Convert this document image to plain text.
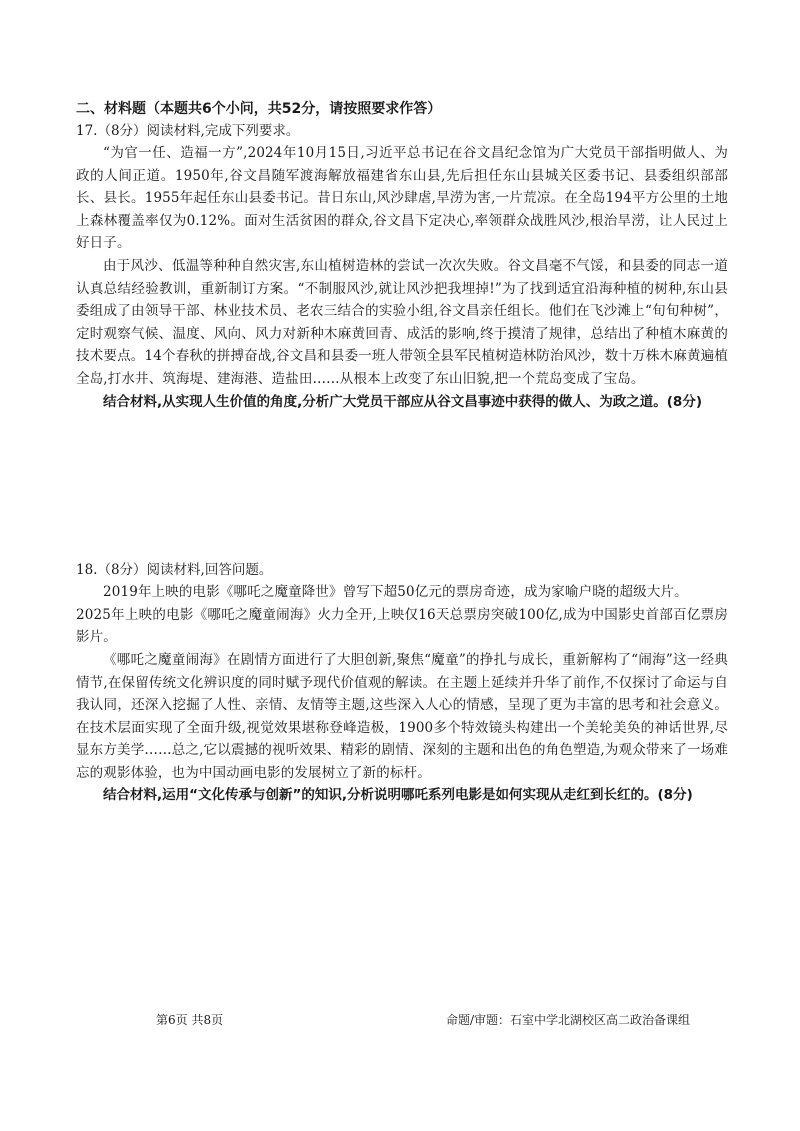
二、材料题（本题共6个小问，共52分，请按照要求作答）

17.（8分）阅读材料,完成下列要求。

“为官一任、造福一方”,2024年10月15日,习近平总书记在谷文昌纪念馆为广大党员干部指明做人、为政的人间正道。1950年,谷文昌随军渡海解放福建省东山县,先后担任东山县城关区委书记、县委组织部部长、县长。1955年起任东山县委书记。昔日东山,风沙肆虐,旱涝为害,一片荒凉。在全岛194平方公里的土地上森林覆盖率仅为0.12%。面对生活贫困的群众,谷文昌下定决心,率领群众战胜风沙,根治旱涝，让人民过上好日子。

由于风沙、低温等种种自然灾害,东山植树造林的尝试一次次失败。谷文昌毫不气馁，和县委的同志一道认真总结经验教训，重新制订方案。“不制服风沙,就让风沙把我埋掉!”为了找到适宜沿海种植的树种,东山县委组成了由领导干部、林业技术员、老农三结合的实验小组,谷文昌亲任组长。他们在飞沙滩上“旬旬种树”，定时观察气候、温度、风向、风力对新种木麻黄回青、成活的影响,终于摸清了规律，总结出了种植木麻黄的技术要点。14个春秋的拼搏奋战,谷文昌和县委一班人带领全县军民植树造林防治风沙，数十万株木麻黄遍植全岛,打水井、筑海堤、建海港、造盐田……从根本上改变了东山旧貌,把一个荒岛变成了宝岛。

结合材料,从实现人生价值的角度,分析广大党员干部应从谷文昌事迹中获得的做人、为政之道。(8分)

18.（8分）阅读材料,回答问题。

2019年上映的电影《哪吒之魔童降世》曾写下超50亿元的票房奇迹，成为家喻户晓的超级大片。

2025年上映的电影《哪吒之魔童闹海》火力全开,上映仅16天总票房突破100亿,成为中国影史首部百亿票房影片。

《哪吒之魔童闹海》在剧情方面进行了大胆创新,聚焦“魔童”的挣扎与成长，重新解构了“闹海”这一经典情节,在保留传统文化辨识度的同时赋予现代价值观的解读。在主题上延续并升华了前作,不仅探讨了命运与自我认同，还深入挖掘了人性、亲情、友情等主题,这些深入人心的情感，呈现了更为丰富的思考和社会意义。在技术层面实现了全面升级,视觉效果堪称登峰造极，1900多个特效镜头构建出一个美轮美奂的神话世界,尽显东方美学……总之,它以震撼的视听效果、精彩的剧情、深刻的主题和出色的角色塑造,为观众带来了一场难忘的观影体验，也为中国动画电影的发展树立了新的标杆。

结合材料,运用“文化传承与创新”的知识,分析说明哪吒系列电影是如何实现从走红到长红的。(8分)

第6页 共8页	命题/审题：石室中学北湖校区高二政治备课组
